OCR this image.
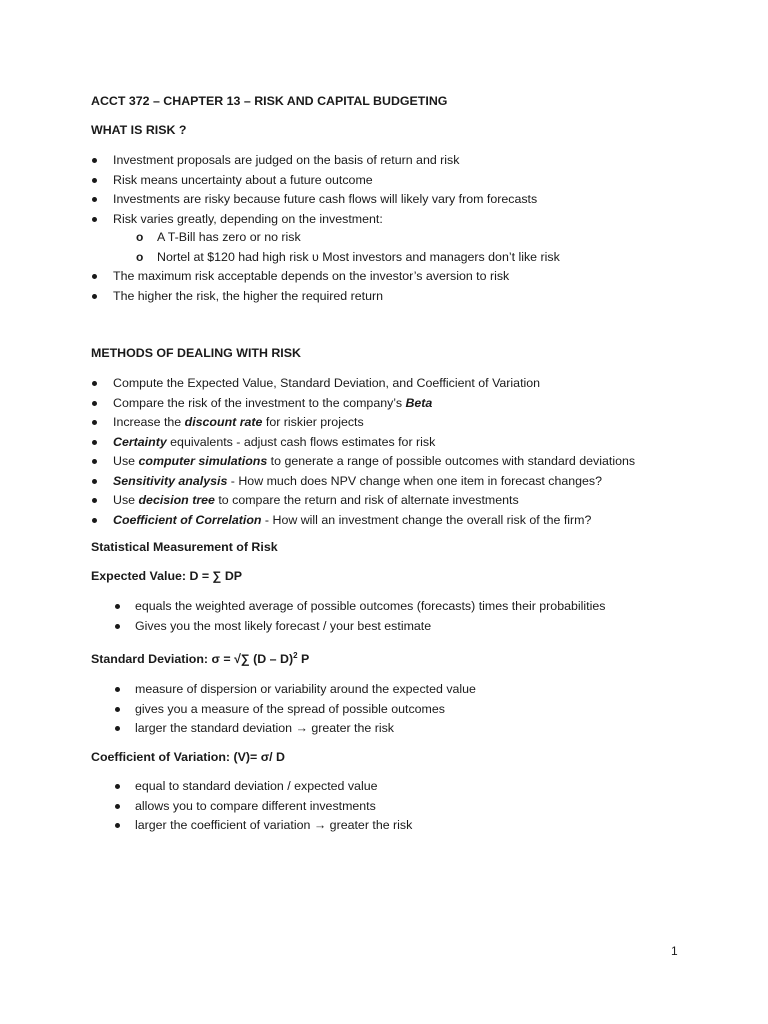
ACCT 372 – CHAPTER 13 – RISK AND CAPITAL BUDGETING
WHAT IS RISK ?
Investment proposals are judged on the basis of return and risk
Risk means uncertainty about a future outcome
Investments are risky because future cash flows will likely vary from forecasts
Risk varies greatly, depending on the investment:
o A T-Bill has zero or no risk
o Nortel at $120 had high risk υ Most investors and managers don’t like risk
The maximum risk acceptable depends on the investor’s aversion to risk
The higher the risk, the higher the required return
METHODS OF DEALING WITH RISK
Compute the Expected Value, Standard Deviation, and Coefficient of Variation
Compare the risk of the investment to the company’s Beta
Increase the discount rate for riskier projects
Certainty equivalents - adjust cash flows estimates for risk
Use computer simulations to generate a range of possible outcomes with standard deviations
Sensitivity analysis - How much does NPV change when one item in forecast changes?
Use decision tree to compare the return and risk of alternate investments
Coefficient of Correlation - How will an investment change the overall risk of the firm?
Statistical Measurement of Risk
Expected Value: D = ∑ DP
equals the weighted average of possible outcomes (forecasts) times their probabilities
Gives you the most likely forecast / your best estimate
Standard Deviation: σ = √∑ (D – D)$^2$ P
measure of dispersion or variability around the expected value
gives you a measure of the spread of possible outcomes
larger the standard deviation → greater the risk
Coefficient of Variation: (V)= σ/ D
equal to standard deviation / expected value
allows you to compare different investments
larger the coefficient of variation → greater the risk
1
